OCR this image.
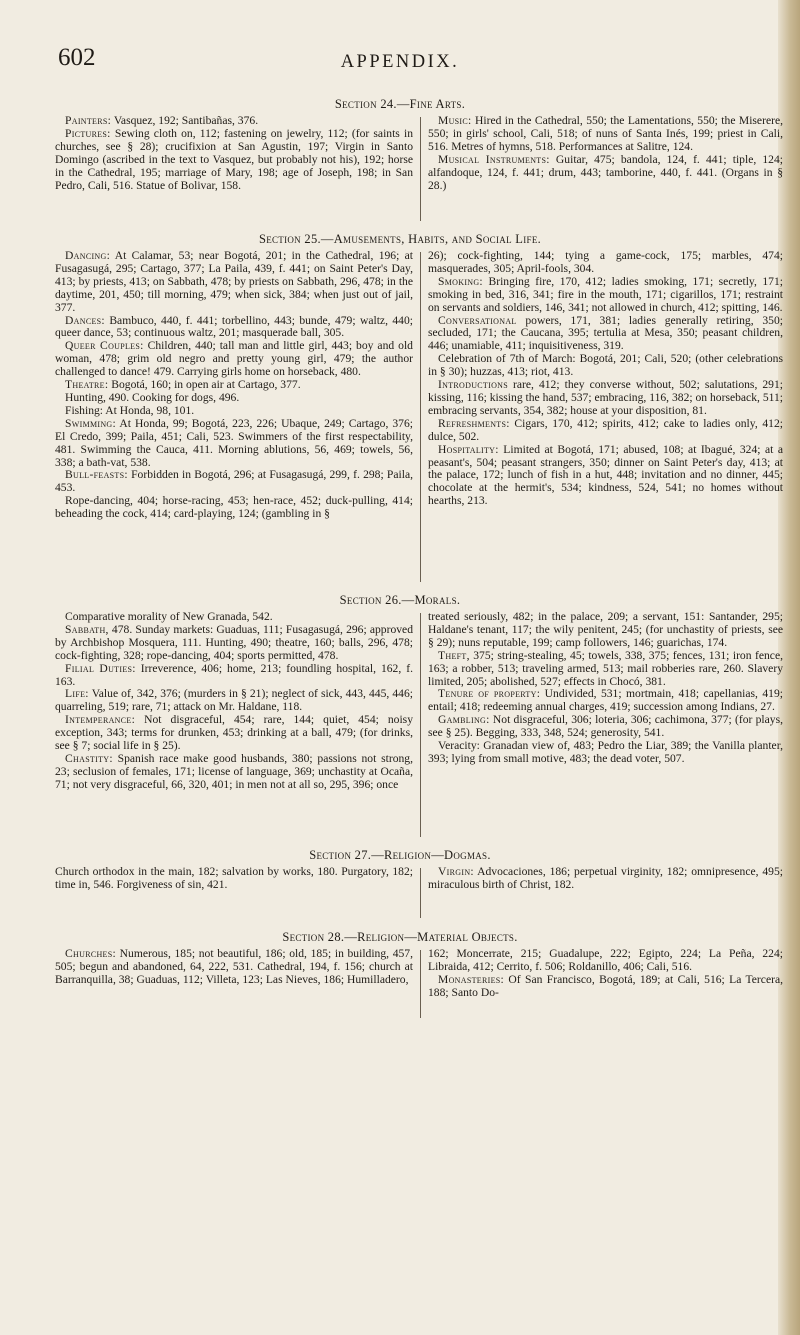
602	APPENDIX.
Section 24.—Fine Arts.

Painters: Vasquez, 192; Santibañas, 376.

Pictures: Sewing cloth on, 112; fastening on jewelry, 112; (for saints in churches, see § 28); crucifixion at San Agustin, 197; Virgin in Santo Domingo (ascribed in the text to Vasquez, but probably not his), 192; horse in the Cathedral, 195; marriage of Mary, 198; age of Joseph, 198; in San Pedro, Cali, 516. Statue of Bolivar, 158.

Music: Hired in the Cathedral, 550; the Lamentations, 550; the Miserere, 550; in girls' school, Cali, 518; of nuns of Santa Inés, 199; priest in Cali, 516. Metres of hymns, 518. Performances at Salitre, 124.

Musical Instruments: Guitar, 475; bandola, 124, f. 441; tiple, 124; alfandoque, 124, f. 441; drum, 443; tamborine, 440, f. 441. (Organs in § 28.)

Section 25.—Amusements, Habits, and Social Life.

Dancing: At Calamar, 53; near Bogotá, 201; in the Cathedral, 196; at Fusagasugá, 295; Cartago, 377; La Paila, 439, f. 441; on Saint Peter's Day, 413; by priests, 413; on Sabbath, 478; by priests on Sabbath, 296, 478; in the daytime, 201, 450; till morning, 479; when sick, 384; when just out of jail, 377.

Dances: Bambuco, 440, f. 441; torbellino, 443; bunde, 479; waltz, 440; queer dance, 53; continuous waltz, 201; masquerade ball, 305.

Queer Couples: Children, 440; tall man and little girl, 443; boy and old woman, 478; grim old negro and pretty young girl, 479; the author challenged to dance! 479. Carrying girls home on horseback, 480.

Theatre: Bogotá, 160; in open air at Cartago, 377.

Hunting, 490. Cooking for dogs, 496.

Fishing: At Honda, 98, 101.

Swimming: At Honda, 99; Bogotá, 223, 226; Ubaque, 249; Cartago, 376; El Credo, 399; Paila, 451; Cali, 523. Swimmers of the first respectability, 481. Swimming the Cauca, 411. Morning ablutions, 56, 469; towels, 56, 338; a bath-vat, 538.

Bull-feasts: Forbidden in Bogotá, 296; at Fusagasugá, 299, f. 298; Paila, 453.

Rope-dancing, 404; horse-racing, 453; hen-race, 452; duck-pulling, 414; beheading the cock, 414; card-playing, 124; (gambling in §

26); cock-fighting, 144; tying a game-cock, 175; marbles, 474; masquerades, 305; April-fools, 304.

Smoking: Bringing fire, 170, 412; ladies smoking, 171; secretly, 171; smoking in bed, 316, 341; fire in the mouth, 171; cigarillos, 171; restraint on servants and soldiers, 146, 341; not allowed in church, 412; spitting, 146.

Conversational powers, 171, 381; ladies generally retiring, 350; secluded, 171; the Caucana, 395; tertulia at Mesa, 350; peasant children, 446; unamiable, 411; inquisitiveness, 319.

Celebration of 7th of March: Bogotá, 201; Cali, 520; (other celebrations in § 30); huzzas, 413; riot, 413.

Introductions rare, 412; they converse without, 502; salutations, 291; kissing, 116; kissing the hand, 537; embracing, 116, 382; on horseback, 511; embracing servants, 354, 382; house at your disposition, 81.

Refreshments: Cigars, 170, 412; spirits, 412; cake to ladies only, 412; dulce, 502.

Hospitality: Limited at Bogotá, 171; abused, 108; at Ibagué, 324; at a peasant's, 504; peasant strangers, 350; dinner on Saint Peter's day, 413; at the palace, 172; lunch of fish in a hut, 448; invitation and no dinner, 445; chocolate at the hermit's, 534; kindness, 524, 541; no homes without hearths, 213.

Section 26.—Morals.

Comparative morality of New Granada, 542.

Sabbath, 478. Sunday markets: Guaduas, 111; Fusagasugá, 296; approved by Archbishop Mosquera, 111. Hunting, 490; theatre, 160; balls, 296, 478; cock-fighting, 328; rope-dancing, 404; sports permitted, 478.

Filial Duties: Irreverence, 406; home, 213; foundling hospital, 162, f. 163.

Life: Value of, 342, 376; (murders in § 21); neglect of sick, 443, 445, 446; quarreling, 519; rare, 71; attack on Mr. Haldane, 118.

Intemperance: Not disgraceful, 454; rare, 144; quiet, 454; noisy exception, 343; terms for drunken, 453; drinking at a ball, 479; (for drinks, see § 7; social life in § 25).

Chastity: Spanish race make good husbands, 380; passions not strong, 23; seclusion of females, 171; license of language, 369; unchastity at Ocaña, 71; not very disgraceful, 66, 320, 401; in men not at all so, 295, 396; once

treated seriously, 482; in the palace, 209; a servant, 151: Santander, 295; Haldane's tenant, 117; the wily penitent, 245; (for unchastity of priests, see § 29); nuns reputable, 199; camp followers, 146; guarichas, 174.

Theft, 375; string-stealing, 45; towels, 338, 375; fences, 131; iron fence, 163; a robber, 513; traveling armed, 513; mail robberies rare, 260. Slavery limited, 205; abolished, 527; effects in Chocó, 381.

Tenure of property: Undivided, 531; mortmain, 418; capellanias, 419; entail; 418; redeeming annual charges, 419; succession among Indians, 27.

Gambling: Not disgraceful, 306; loteria, 306; cachimona, 377; (for plays, see § 25). Begging, 333, 348, 524; generosity, 541.

Veracity: Granadan view of, 483; Pedro the Liar, 389; the Vanilla planter, 393; lying from small motive, 483; the dead voter, 507.

Section 27.—Religion—Dogmas.

Church orthodox in the main, 182; salvation by works, 180. Purgatory, 182; time in, 546. Forgiveness of sin, 421.

Virgin: Advocaciones, 186; perpetual virginity, 182; omnipresence, 495; miraculous birth of Christ, 182.

Section 28.—Religion—Material Objects.

Churches: Numerous, 185; not beautiful, 186; old, 185; in building, 457, 505; begun and abandoned, 64, 222, 531. Cathedral, 194, f. 156; church at Barranquilla, 38; Guaduas, 112; Villeta, 123; Las Nieves, 186; Humilladero,

162; Moncerrate, 215; Guadalupe, 222; Egipto, 224; La Peña, 224; Libraida, 412; Cerrito, f. 506; Roldanillo, 406; Cali, 516.

Monasteries: Of San Francisco, Bogotá, 189; at Cali, 516; La Tercera, 188; Santo Do-
